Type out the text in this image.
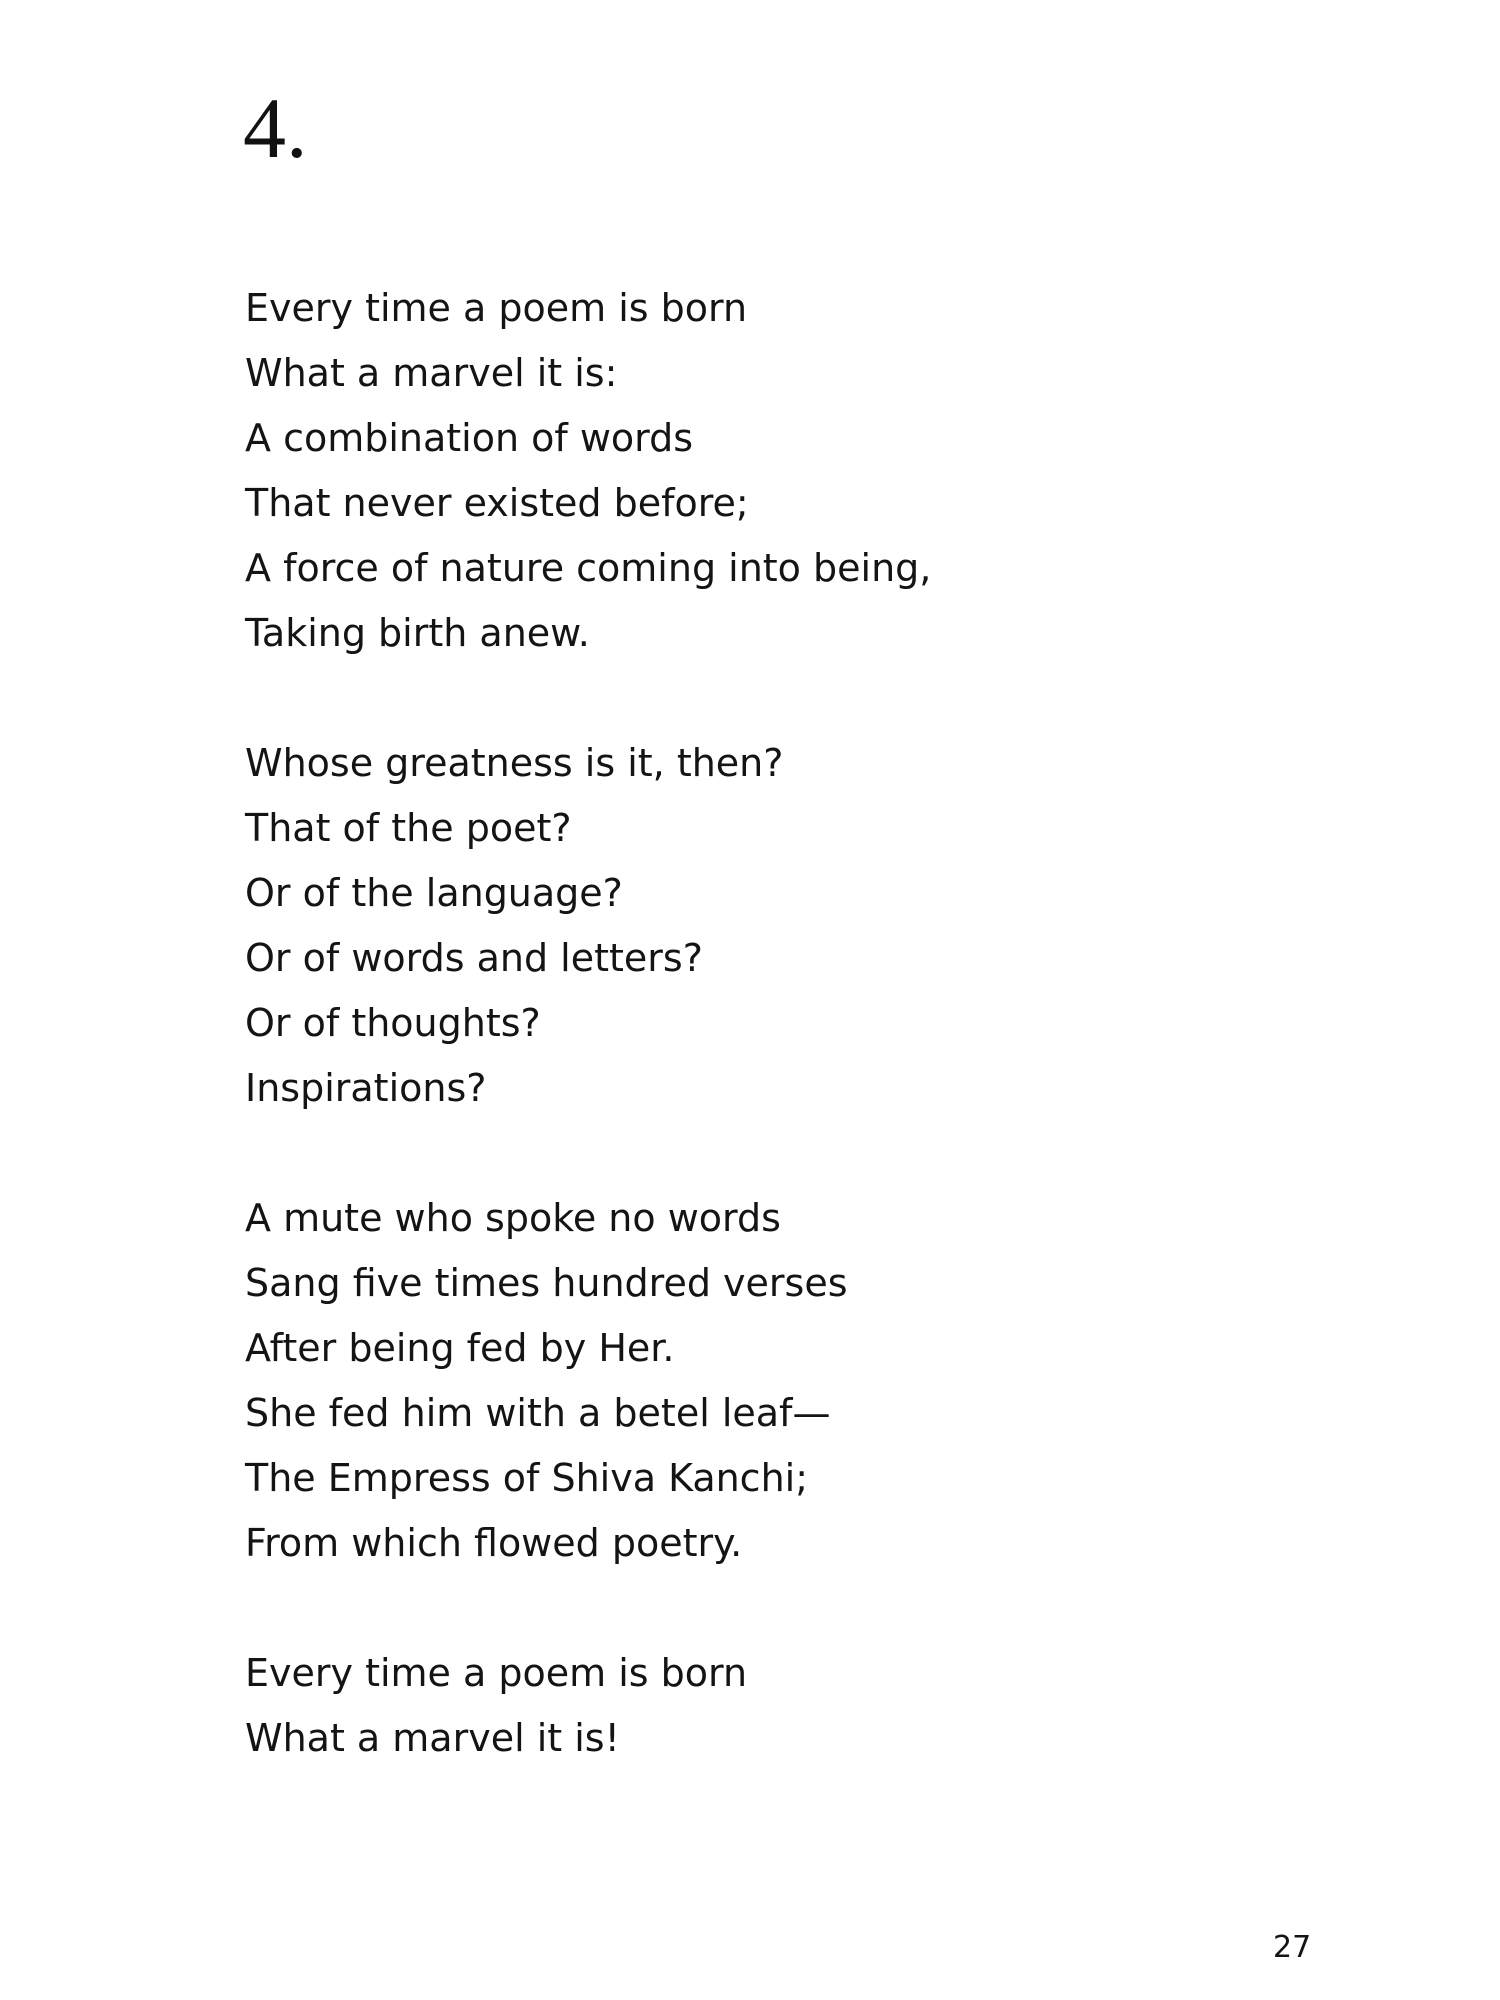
4.
Every time a poem is born
What a marvel it is:
A combination of words
That never existed before;
A force of nature coming into being,
Taking birth anew.
Whose greatness is it, then?
That of the poet?
Or of the language?
Or of words and letters?
Or of thoughts?
Inspirations?
A mute who spoke no words
Sang five times hundred verses
After being fed by Her.
She fed him with a betel leaf—
The Empress of Shiva Kanchi;
From which flowed poetry.
Every time a poem is born
What a marvel it is!
27
